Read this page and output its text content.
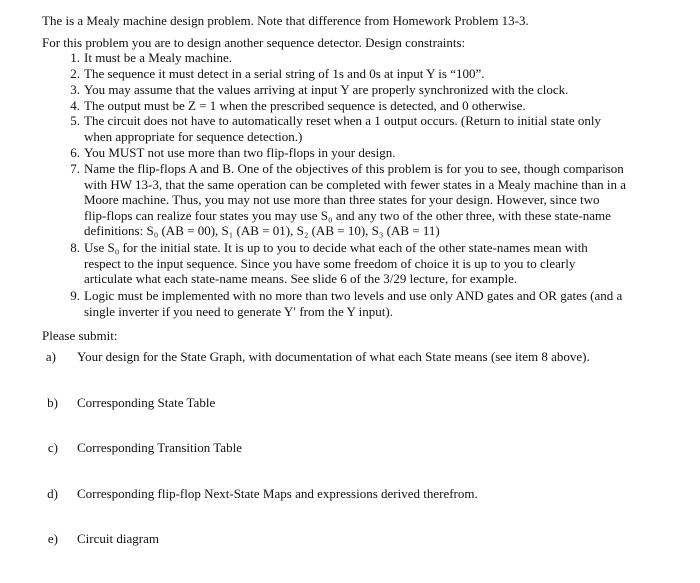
The is a Mealy machine design problem. Note that difference from Homework Problem 13-3.
For this problem you are to design another sequence detector. Design constraints:
1. It must be a Mealy machine.
2. The sequence it must detect in a serial string of 1s and 0s at input Y is “100”.
3. You may assume that the values arriving at input Y are properly synchronized with the clock.
4. The output must be Z = 1 when the prescribed sequence is detected, and 0 otherwise.
5. The circuit does not have to automatically reset when a 1 output occurs. (Return to initial state only
when appropriate for sequence detection.)
6. You MUST not use more than two flip-flops in your design.
7. Name the flip-flops A and B. One of the objectives of this problem is for you to see, though comparison
with HW 13-3, that the same operation can be completed with fewer states in a Mealy machine than in a
Moore machine. Thus, you may not use more than three states for your design. However, since two
flip-flops can realize four states you may use S₀ and any two of the other three, with these state-name
definitions: S₀ (AB = 00), S₁ (AB = 01), S₂ (AB = 10), S₃ (AB = 11)
8. Use S₀ for the initial state. It is up to you to decide what each of the other state-names mean with
respect to the input sequence. Since you have some freedom of choice it is up to you to clearly
articulate what each state-name means. See slide 6 of the 3/29 lecture, for example.
9. Logic must be implemented with no more than two levels and use only AND gates and OR gates (and a
single inverter if you need to generate Y′ from the Y input).
Please submit:
a) Your design for the State Graph, with documentation of what each State means (see item 8 above).
b) Corresponding State Table
c) Corresponding Transition Table
d) Corresponding flip-flop Next-State Maps and expressions derived therefrom.
e) Circuit diagram
